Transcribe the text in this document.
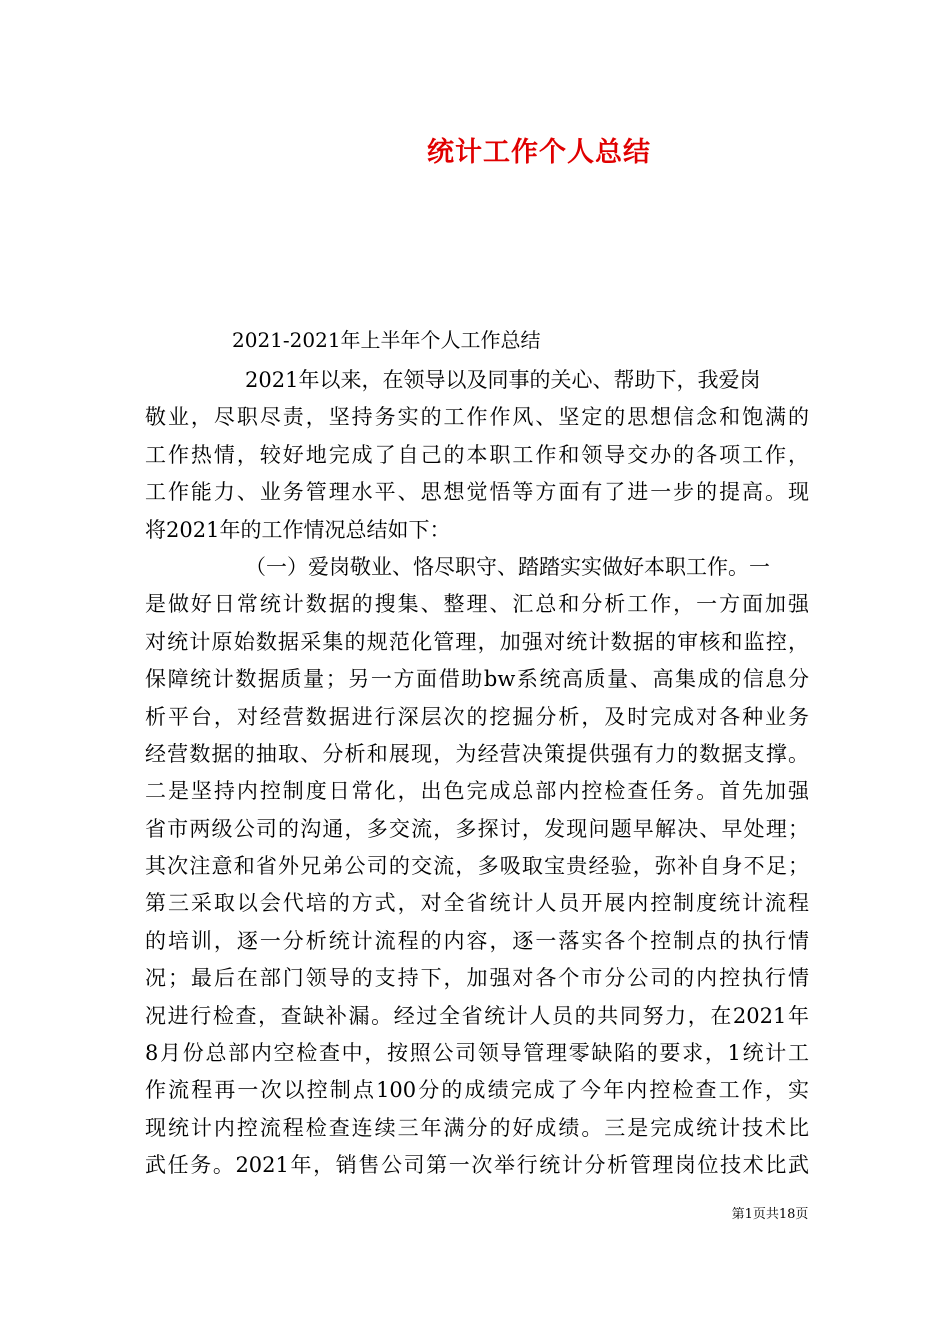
统计工作个人总结
2021-2021年上半年个人工作总结
2021年以来，在领导以及同事的关心、帮助下，我爱岗
敬业，尽职尽责，坚持务实的工作作风、坚定的思想信念和饱满的
工作热情，较好地完成了自己的本职工作和领导交办的各项工作，
工作能力、业务管理水平、思想觉悟等方面有了进一步的提高。现
将2021年的工作情况总结如下：
（一）爱岗敬业、恪尽职守、踏踏实实做好本职工作。一
是做好日常统计数据的搜集、整理、汇总和分析工作，一方面加强
对统计原始数据采集的规范化管理，加强对统计数据的审核和监控，
保障统计数据质量；另一方面借助bw系统高质量、高集成的信息分
析平台，对经营数据进行深层次的挖掘分析，及时完成对各种业务
经营数据的抽取、分析和展现，为经营决策提供强有力的数据支撑。
二是坚持内控制度日常化，出色完成总部内控检查任务。首先加强
省市两级公司的沟通，多交流，多探讨，发现问题早解决、早处理；
其次注意和省外兄弟公司的交流，多吸取宝贵经验，弥补自身不足；
第三采取以会代培的方式，对全省统计人员开展内控制度统计流程
的培训，逐一分析统计流程的内容，逐一落实各个控制点的执行情
况；最后在部门领导的支持下，加强对各个市分公司的内控执行情
况进行检查，查缺补漏。经过全省统计人员的共同努力，在2021年
8月份总部内空检查中，按照公司领导管理零缺陷的要求，1统计工
作流程再一次以控制点100分的成绩完成了今年内控检查工作，实
现统计内控流程检查连续三年满分的好成绩。三是完成统计技术比
武任务。2021年，销售公司第一次举行统计分析管理岗位技术比武
第1页共18页
